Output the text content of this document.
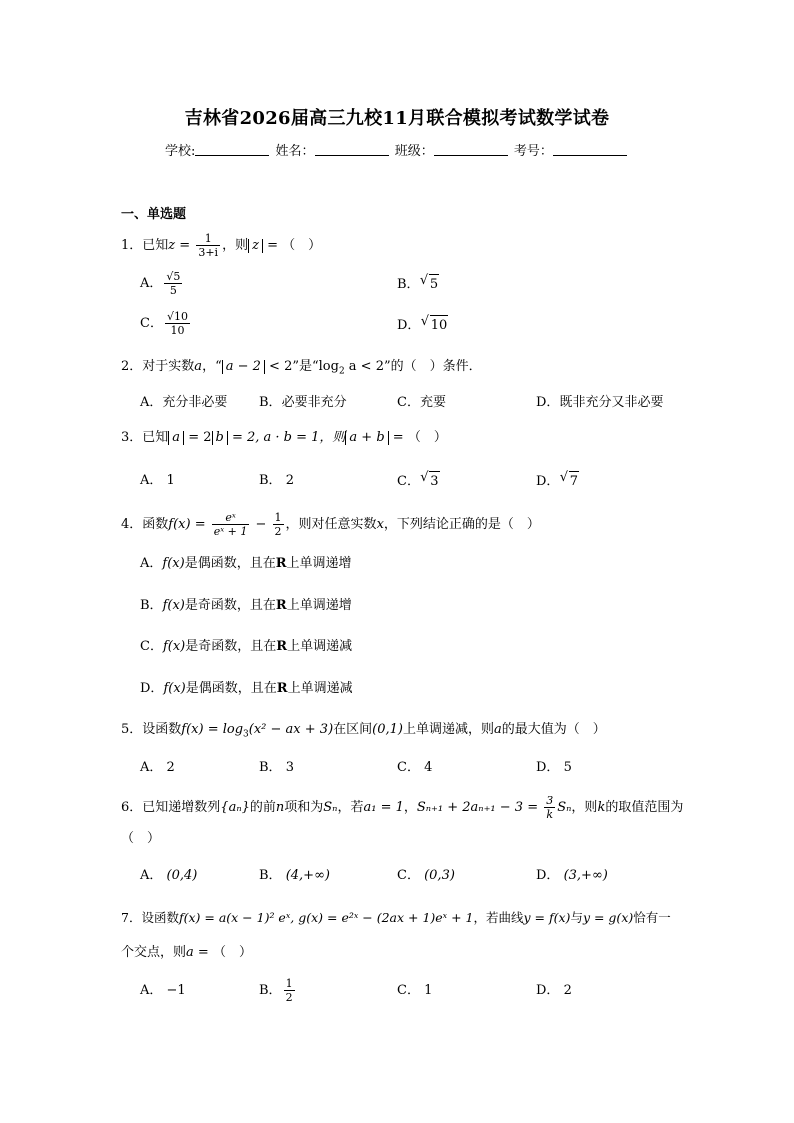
吉林省2026届高三九校11月联合模拟考试数学试卷
学校:	姓名：	班级：	考号：
一、单选题
1．已知$z = \frac{1}{3+i}$ ，则 z = （　）
A． $\frac{√5}{5}$	B． √ 5
C． $\frac{√10}{10}$	D． √ 10
2．对于实数a，“ a − 2 < 2”是“$\log_2$ a < 2”的（　）条件．
A．充分非必要 B．必要非充分	C．充要	D．既非充分又非必要
3．已知 a = 2 b = 2, a · b = 1，则 a + b = （　）
A． 1	B． 2	C． √ 3	D． √ 7
4．函数$f(x) = \frac{\text{eˣ}}{\text{eˣ + 1}} - \frac{1}{2}$ ，则对任意实数x，下列结论正确的是（　）
A．f(x)是偶函数，且在R上单调递增
B．f(x)是奇函数，且在R上单调递增
C．f(x)是奇函数，且在R上单调递减
D．f(x)是偶函数，且在R上单调递减
5．设函数$f(x) = \log_3(x^2$ − ax + 3)在区间(0,1)上单调递减，则a的最大值为（　）
A． 2	B． 3	C． 4	D． 5
6．已知递增数列{aₙ}的前n项和为Sₙ，若a₁ = 1，$S_{n+1} + 2a_{n+1} - 3 = \frac{3}{k}$ Sₙ，则k的取值范围为
（　）
A． (0,4)	B． (4,+∞)	C． (0,3)	D． (3,+∞)
7．设函数f(x) = a(x − 1)² eˣ, g(x) = e²ˣ − (2ax + 1)eˣ + 1，若曲线y = f(x)与y = g(x)恰有一
个交点，则a = （　）
A． −1	B． $\frac{1}{2}$	C． 1	D． 2
